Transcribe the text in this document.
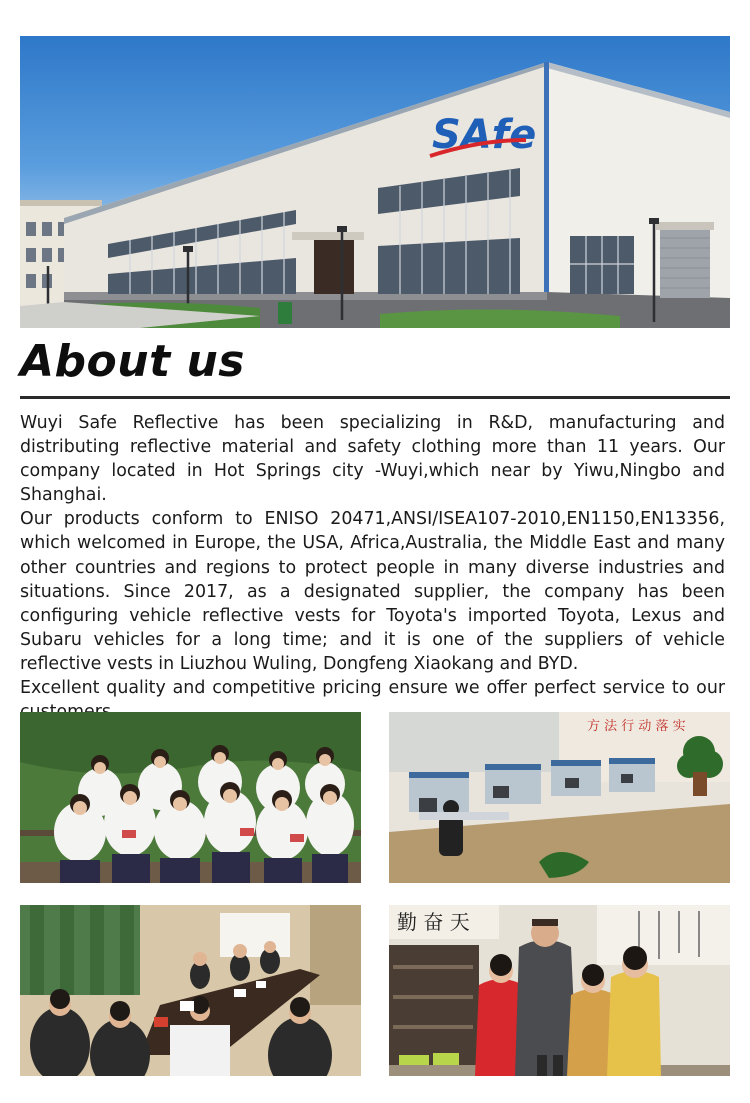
SAfe
About us

Wuyi Safe Reflective has been specializing in R&D, manufacturing and distributing reflective material and safety clothing more than 11 years. Our company located in Hot Springs city -Wuyi,which near by Yiwu,Ningbo and Shanghai.

Our products conform to ENISO 20471,ANSI/ISEA107-2010,EN1150,EN13356, which welcomed in Europe, the USA, Africa,Australia, the Middle East and many other countries and regions to protect people in many diverse industries and situations. Since 2017, as a designated supplier, the company has been configuring vehicle reflective vests for Toyota's imported Toyota, Lexus and Subaru vehicles for a long time; and it is one of the suppliers of vehicle reflective vests in Liuzhou Wuling, Dongfeng Xiaokang and BYD.

Excellent quality and competitive pricing ensure we offer perfect service to our

方 法 行 动 落 实
勤 奋 天
